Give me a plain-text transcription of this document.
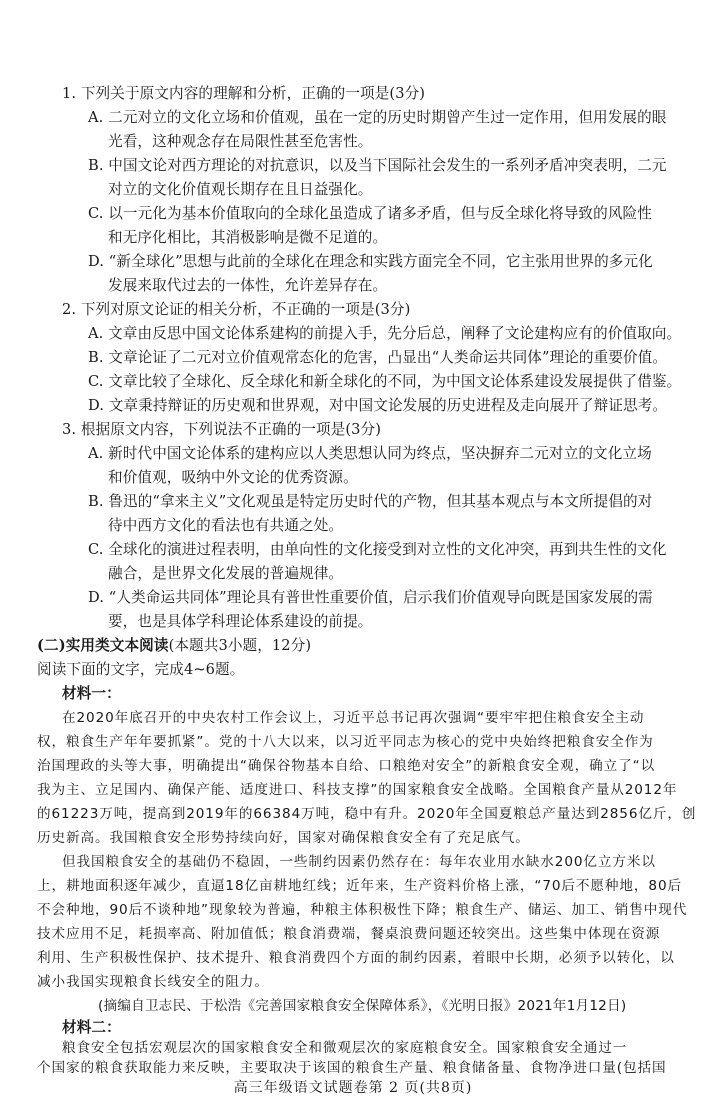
1. 下列关于原文内容的理解和分析，正确的一项是(3分)
A. 二元对立的文化立场和价值观，虽在一定的历史时期曾产生过一定作用，但用发展的眼
光看，这种观念存在局限性甚至危害性。
B. 中国文论对西方理论的对抗意识，以及当下国际社会发生的一系列矛盾冲突表明，二元
对立的文化价值观长期存在且日益强化。
C. 以一元化为基本价值取向的全球化虽造成了诸多矛盾，但与反全球化将导致的风险性
和无序化相比，其消极影响是微不足道的。
D. “新全球化”思想与此前的全球化在理念和实践方面完全不同，它主张用世界的多元化
发展来取代过去的一体性，允许差异存在。
2. 下列对原文论证的相关分析，不正确的一项是(3分)
A. 文章由反思中国文论体系建构的前提入手，先分后总，阐释了文论建构应有的价值取向。
B. 文章论证了二元对立价值观常态化的危害，凸显出“人类命运共同体”理论的重要价值。
C. 文章比较了全球化、反全球化和新全球化的不同，为中国文论体系建设发展提供了借鉴。
D. 文章秉持辩证的历史观和世界观，对中国文论发展的历史进程及走向展开了辩证思考。
3. 根据原文内容，下列说法不正确的一项是(3分)
A. 新时代中国文论体系的建构应以人类思想认同为终点，坚决摒弃二元对立的文化立场
和价值观，吸纳中外文论的优秀资源。
B. 鲁迅的“拿来主义”文化观虽是特定历史时代的产物，但其基本观点与本文所提倡的对
待中西方文化的看法也有共通之处。
C. 全球化的演进过程表明，由单向性的文化接受到对立性的文化冲突，再到共生性的文化
融合，是世界文化发展的普遍规律。
D. “人类命运共同体”理论具有普世性重要价值，启示我们价值观导向既是国家发展的需
要，也是具体学科理论体系建设的前提。
(二)实用类文本阅读(本题共3小题，12分)
阅读下面的文字，完成4~6题。
材料一：
在2020年底召开的中央农村工作会议上，习近平总书记再次强调“要牢牢把住粮食安全主动
权，粮食生产年年要抓紧”。党的十八大以来，以习近平同志为核心的党中央始终把粮食安全作为
治国理政的头等大事，明确提出“确保谷物基本自给、口粮绝对安全”的新粮食安全观，确立了“以
我为主、立足国内、确保产能、适度进口、科技支撑”的国家粮食安全战略。全国粮食产量从2012年
的61223万吨，提高到2019年的66384万吨，稳中有升。2020年全国夏粮总产量达到2856亿斤，创
历史新高。我国粮食安全形势持续向好，国家对确保粮食安全有了充足底气。
但我国粮食安全的基础仍不稳固，一些制约因素仍然存在：每年农业用水缺水200亿立方米以
上，耕地面积逐年减少，直逼18亿亩耕地红线；近年来，生产资料价格上涨，“70后不愿种地，80后
不会种地，90后不谈种地”现象较为普遍，种粮主体积极性下降；粮食生产、储运、加工、销售中现代
技术应用不足，耗损率高、附加值低；粮食消费端，餐桌浪费问题还较突出。这些集中体现在资源
利用、生产积极性保护、技术提升、粮食消费四个方面的制约因素，着眼中长期，必须予以转化，以
减小我国实现粮食长线安全的阻力。
(摘编自卫志民、于松浩《完善国家粮食安全保障体系》，《光明日报》2021年1月12日)
材料二：
高三年级语文试题卷第 2 页(共8页)
粮食安全包括宏观层次的国家粮食安全和微观层次的家庭粮食安全。国家粮食安全通过一
个国家的粮食获取能力来反映，主要取决于该国的粮食生产量、粮食储备量、食物净进口量(包括国
